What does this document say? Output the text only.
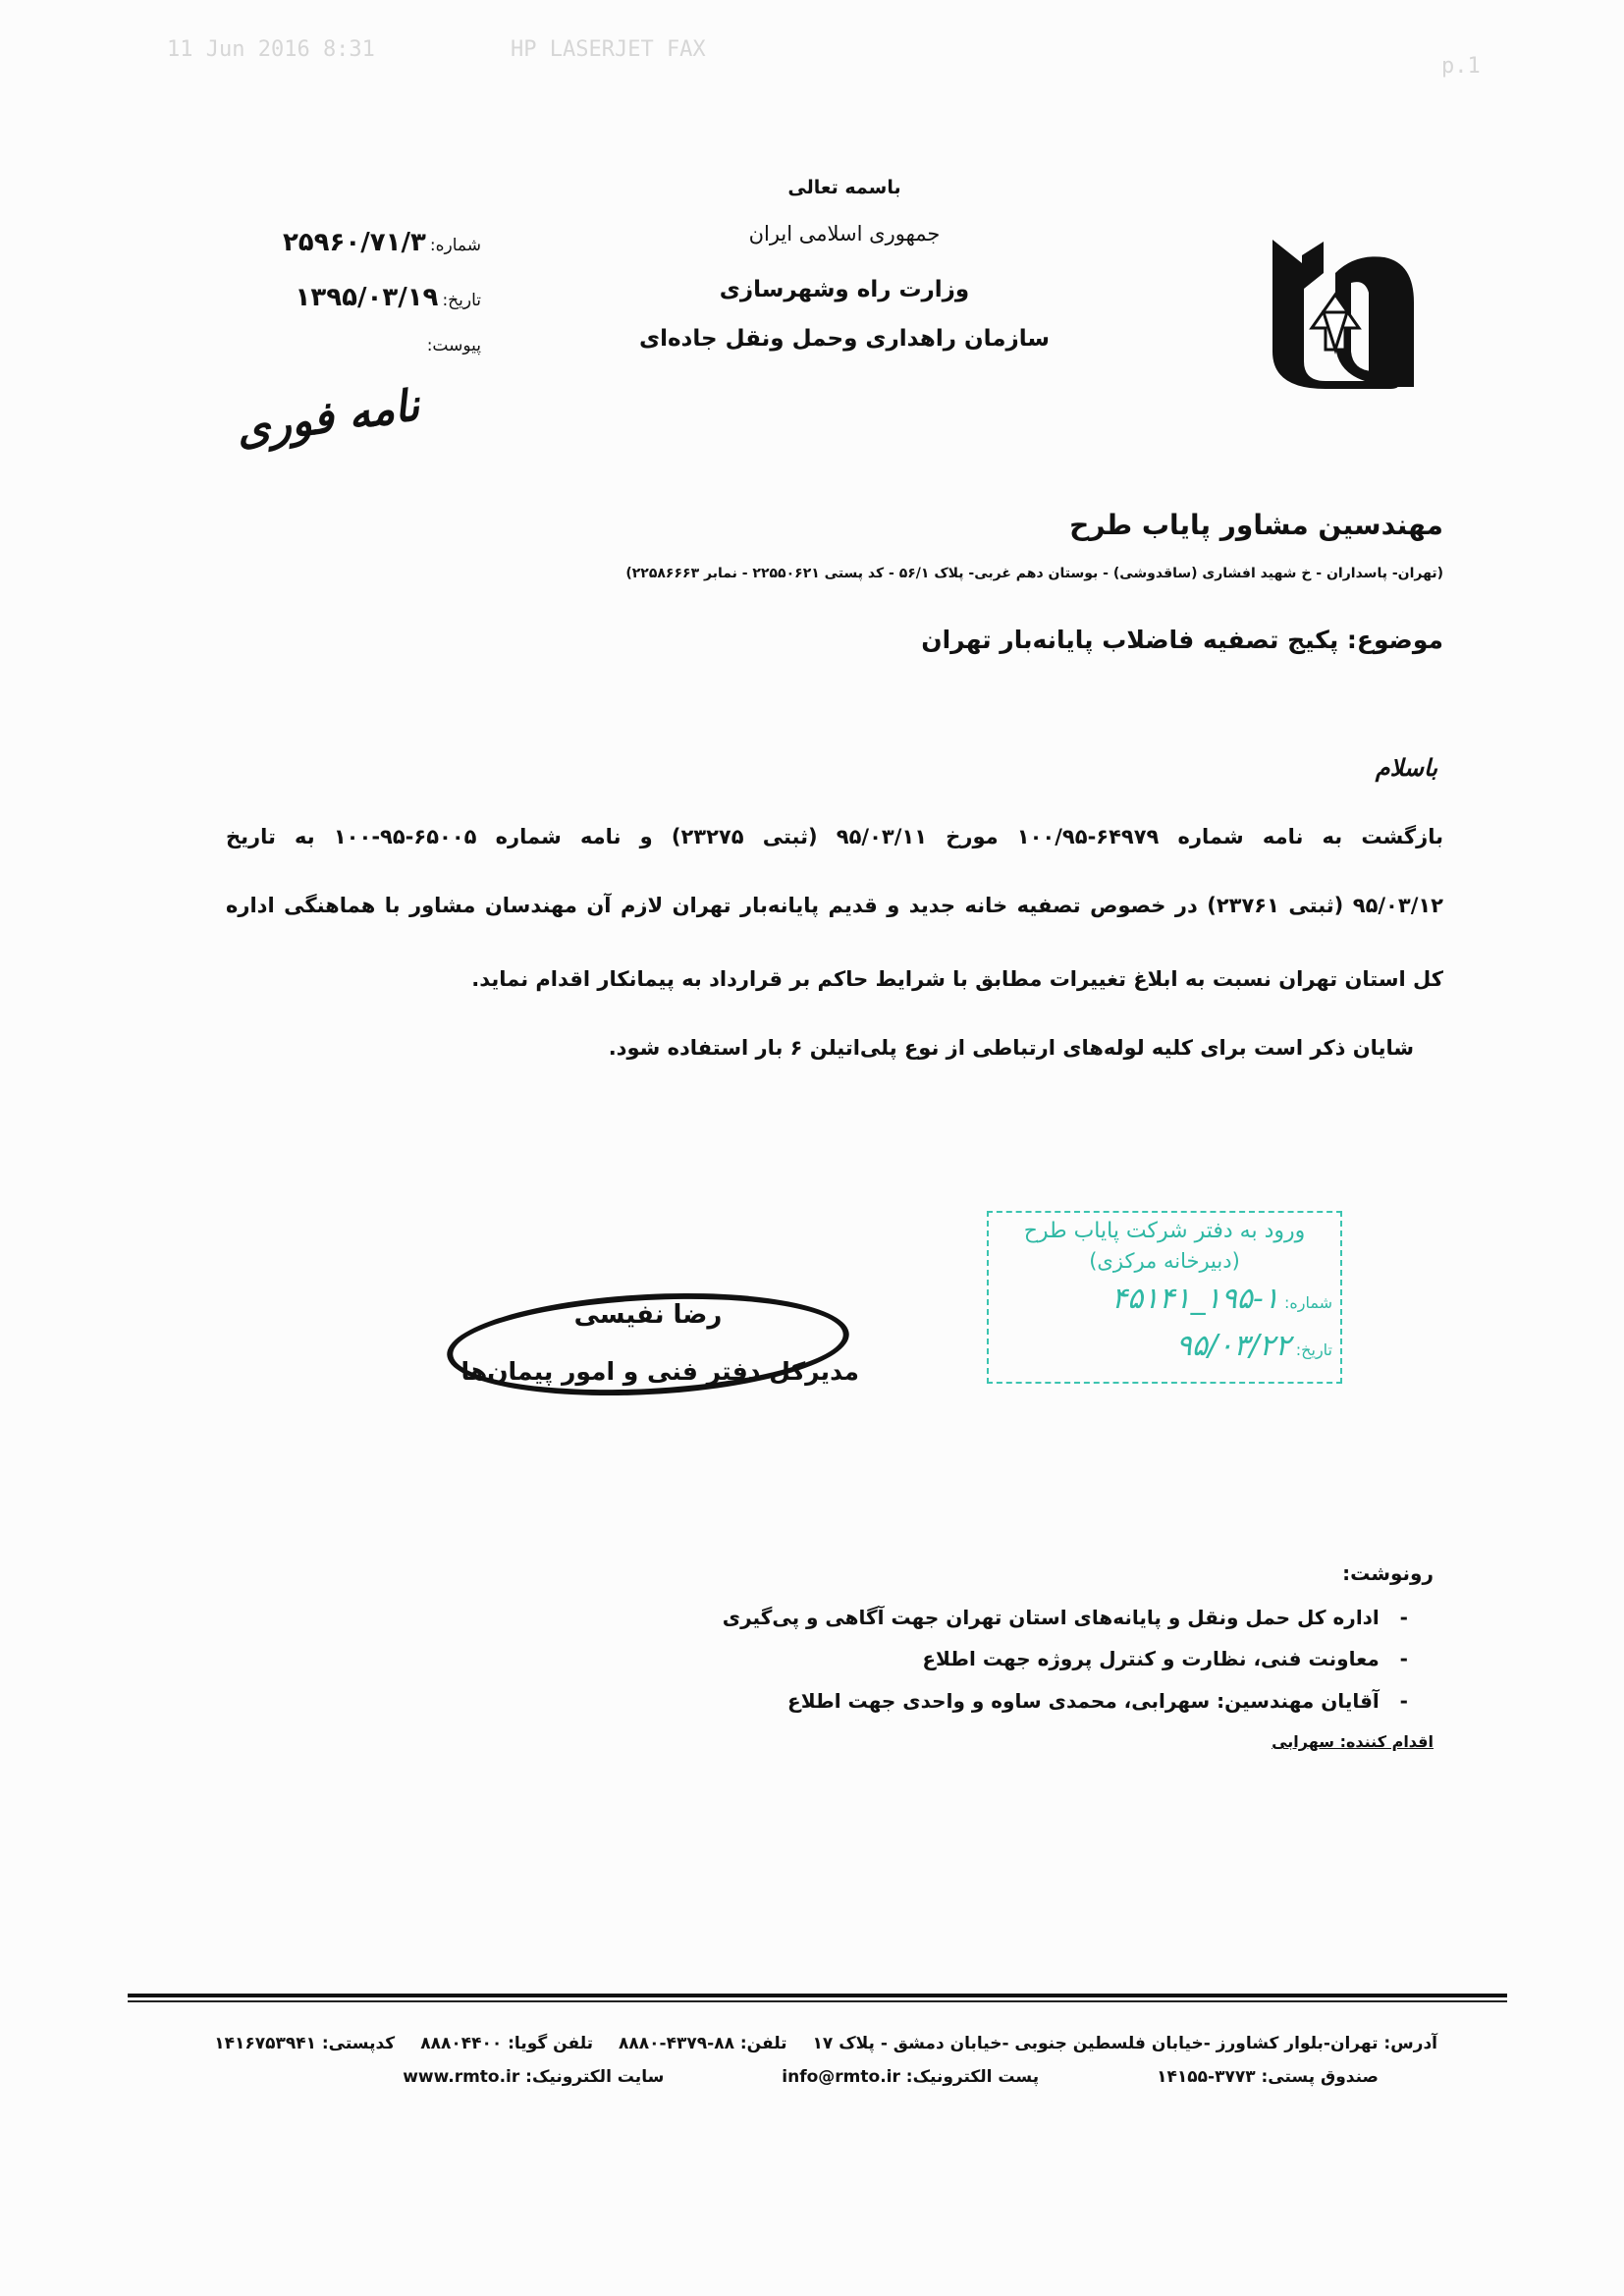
11 Jun 2016 8:31	HP LASERJET FAX
p.1
باسمه تعالی
جمهوری اسلامی ایران
وزارت راه وشهرسازی
سازمان راهداری وحمل ونقل جاده‌ای
شماره:۲۵۹۶۰/۷۱/۳
تاریخ:۱۳۹۵/۰۳/۱۹
پیوست:
نامه فوری
مهندسین مشاور پایاب طرح
(تهران- پاسداران - خ شهید افشاری (ساقدوشی) - بوستان دهم غربی- پلاک ۵۶/۱ - کد پستی ۲۲۵۵۰۶۲۱ - نمابر ۲۲۵۸۶۶۶۳)
موضوع: پکیج تصفیه فاضلاب پایانه‌بار تهران
باسلام
بازگشت به نامه شماره ۶۴۹۷۹-۱۰۰/۹۵ مورخ ۹۵/۰۳/۱۱ (ثبتی ۲۳۲۷۵) و نامه شماره ۶۵۰۰۵-۹۵-۱۰۰ به تاریخ
۹۵/۰۳/۱۲ (ثبتی ۲۳۷۶۱) در خصوص تصفیه خانه جدید و قدیم پایانه‌بار تهران لازم آن مهندسان مشاور با هماهنگی اداره
کل استان تهران نسبت به ابلاغ تغییرات مطابق با شرایط حاکم بر قرارداد به پیمانکار اقدام نماید.
شایان ذکر است برای کلیه لوله‌های ارتباطی از نوع پلی‌اتیلن ۶ بار استفاده شود.
ورود به دفتر شرکت پایاب طرح
(دبیرخانه مرکزی)
شماره: ۱-۱۹۵_۴۵۱۴۱
تاریخ: ۹۵/۰۳/۲۲
رضا نفیسی
مدیرکل دفتر فنی و امور پیمان‌ها
رونوشت:
-   اداره کل حمل ونقل و پایانه‌های استان تهران جهت آگاهی و پی‌گیری
-   معاونت فنی، نظارت و کنترل پروژه جهت اطلاع
-   آقایان مهندسین: سهرابی، محمدی ساوه و واحدی جهت اطلاع
اقدام کننده: سهرابی
آدرس: تهران-بلوار کشاورز -خیابان فلسطین جنوبی -خیابان دمشق - پلاک ۱۷
تلفن: ۸۸-۴۳۷۹-۸۸۸۰
تلفن گویا: ۸۸۸۰۴۴۰۰
کدپستی: ۱۴۱۶۷۵۳۹۴۱
صندوق پستی: ۳۷۷۳-۱۴۱۵۵
پست الکترونیک: info@rmto.ir
سایت الکترونیک: www.rmto.ir
